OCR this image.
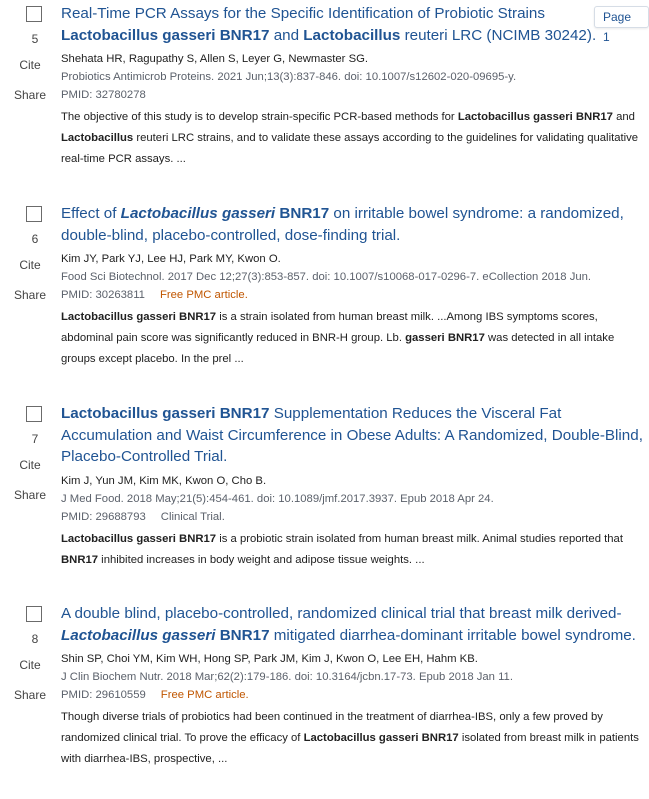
Page 1
5
Cite
Share
Real-Time PCR Assays for the Specific Identification of Probiotic Strains Lactobacillus gasseri BNR17 and Lactobacillus reuteri LRC (NCIMB 30242).
Shehata HR, Ragupathy S, Allen S, Leyer G, Newmaster SG.
Probiotics Antimicrob Proteins. 2021 Jun;13(3):837-846. doi: 10.1007/s12602-020-09695-y.
PMID: 32780278
The objective of this study is to develop strain-specific PCR-based methods for Lactobacillus gasseri BNR17 and Lactobacillus reuteri LRC strains, and to validate these assays according to the guidelines for validating qualitative real-time PCR assays. ...
6
Cite
Share
Effect of Lactobacillus gasseri BNR17 on irritable bowel syndrome: a randomized, double-blind, placebo-controlled, dose-finding trial.
Kim JY, Park YJ, Lee HJ, Park MY, Kwon O.
Food Sci Biotechnol. 2017 Dec 12;27(3):853-857. doi: 10.1007/s10068-017-0296-7. eCollection 2018 Jun.
PMID: 30263811 Free PMC article.
Lactobacillus gasseri BNR17 is a strain isolated from human breast milk. ...Among IBS symptoms scores, abdominal pain score was significantly reduced in BNR-H group. Lb. gasseri BNR17 was detected in all intake groups except placebo. In the prel ...
7
Cite
Share
Lactobacillus gasseri BNR17 Supplementation Reduces the Visceral Fat Accumulation and Waist Circumference in Obese Adults: A Randomized, Double-Blind, Placebo-Controlled Trial.
Kim J, Yun JM, Kim MK, Kwon O, Cho B.
J Med Food. 2018 May;21(5):454-461. doi: 10.1089/jmf.2017.3937. Epub 2018 Apr 24.
PMID: 29688793 Clinical Trial.
Lactobacillus gasseri BNR17 is a probiotic strain isolated from human breast milk. Animal studies reported that BNR17 inhibited increases in body weight and adipose tissue weights. ...
8
Cite
Share
A double blind, placebo-controlled, randomized clinical trial that breast milk derived-Lactobacillus gasseri BNR17 mitigated diarrhea-dominant irritable bowel syndrome.
Shin SP, Choi YM, Kim WH, Hong SP, Park JM, Kim J, Kwon O, Lee EH, Hahm KB.
J Clin Biochem Nutr. 2018 Mar;62(2):179-186. doi: 10.3164/jcbn.17-73. Epub 2018 Jan 11.
PMID: 29610559 Free PMC article.
Though diverse trials of probiotics had been continued in the treatment of diarrhea-IBS, only a few proved by randomized clinical trial. To prove the efficacy of Lactobacillus gasseri BNR17 isolated from breast milk in patients with diarrhea-IBS, prospective, ...
